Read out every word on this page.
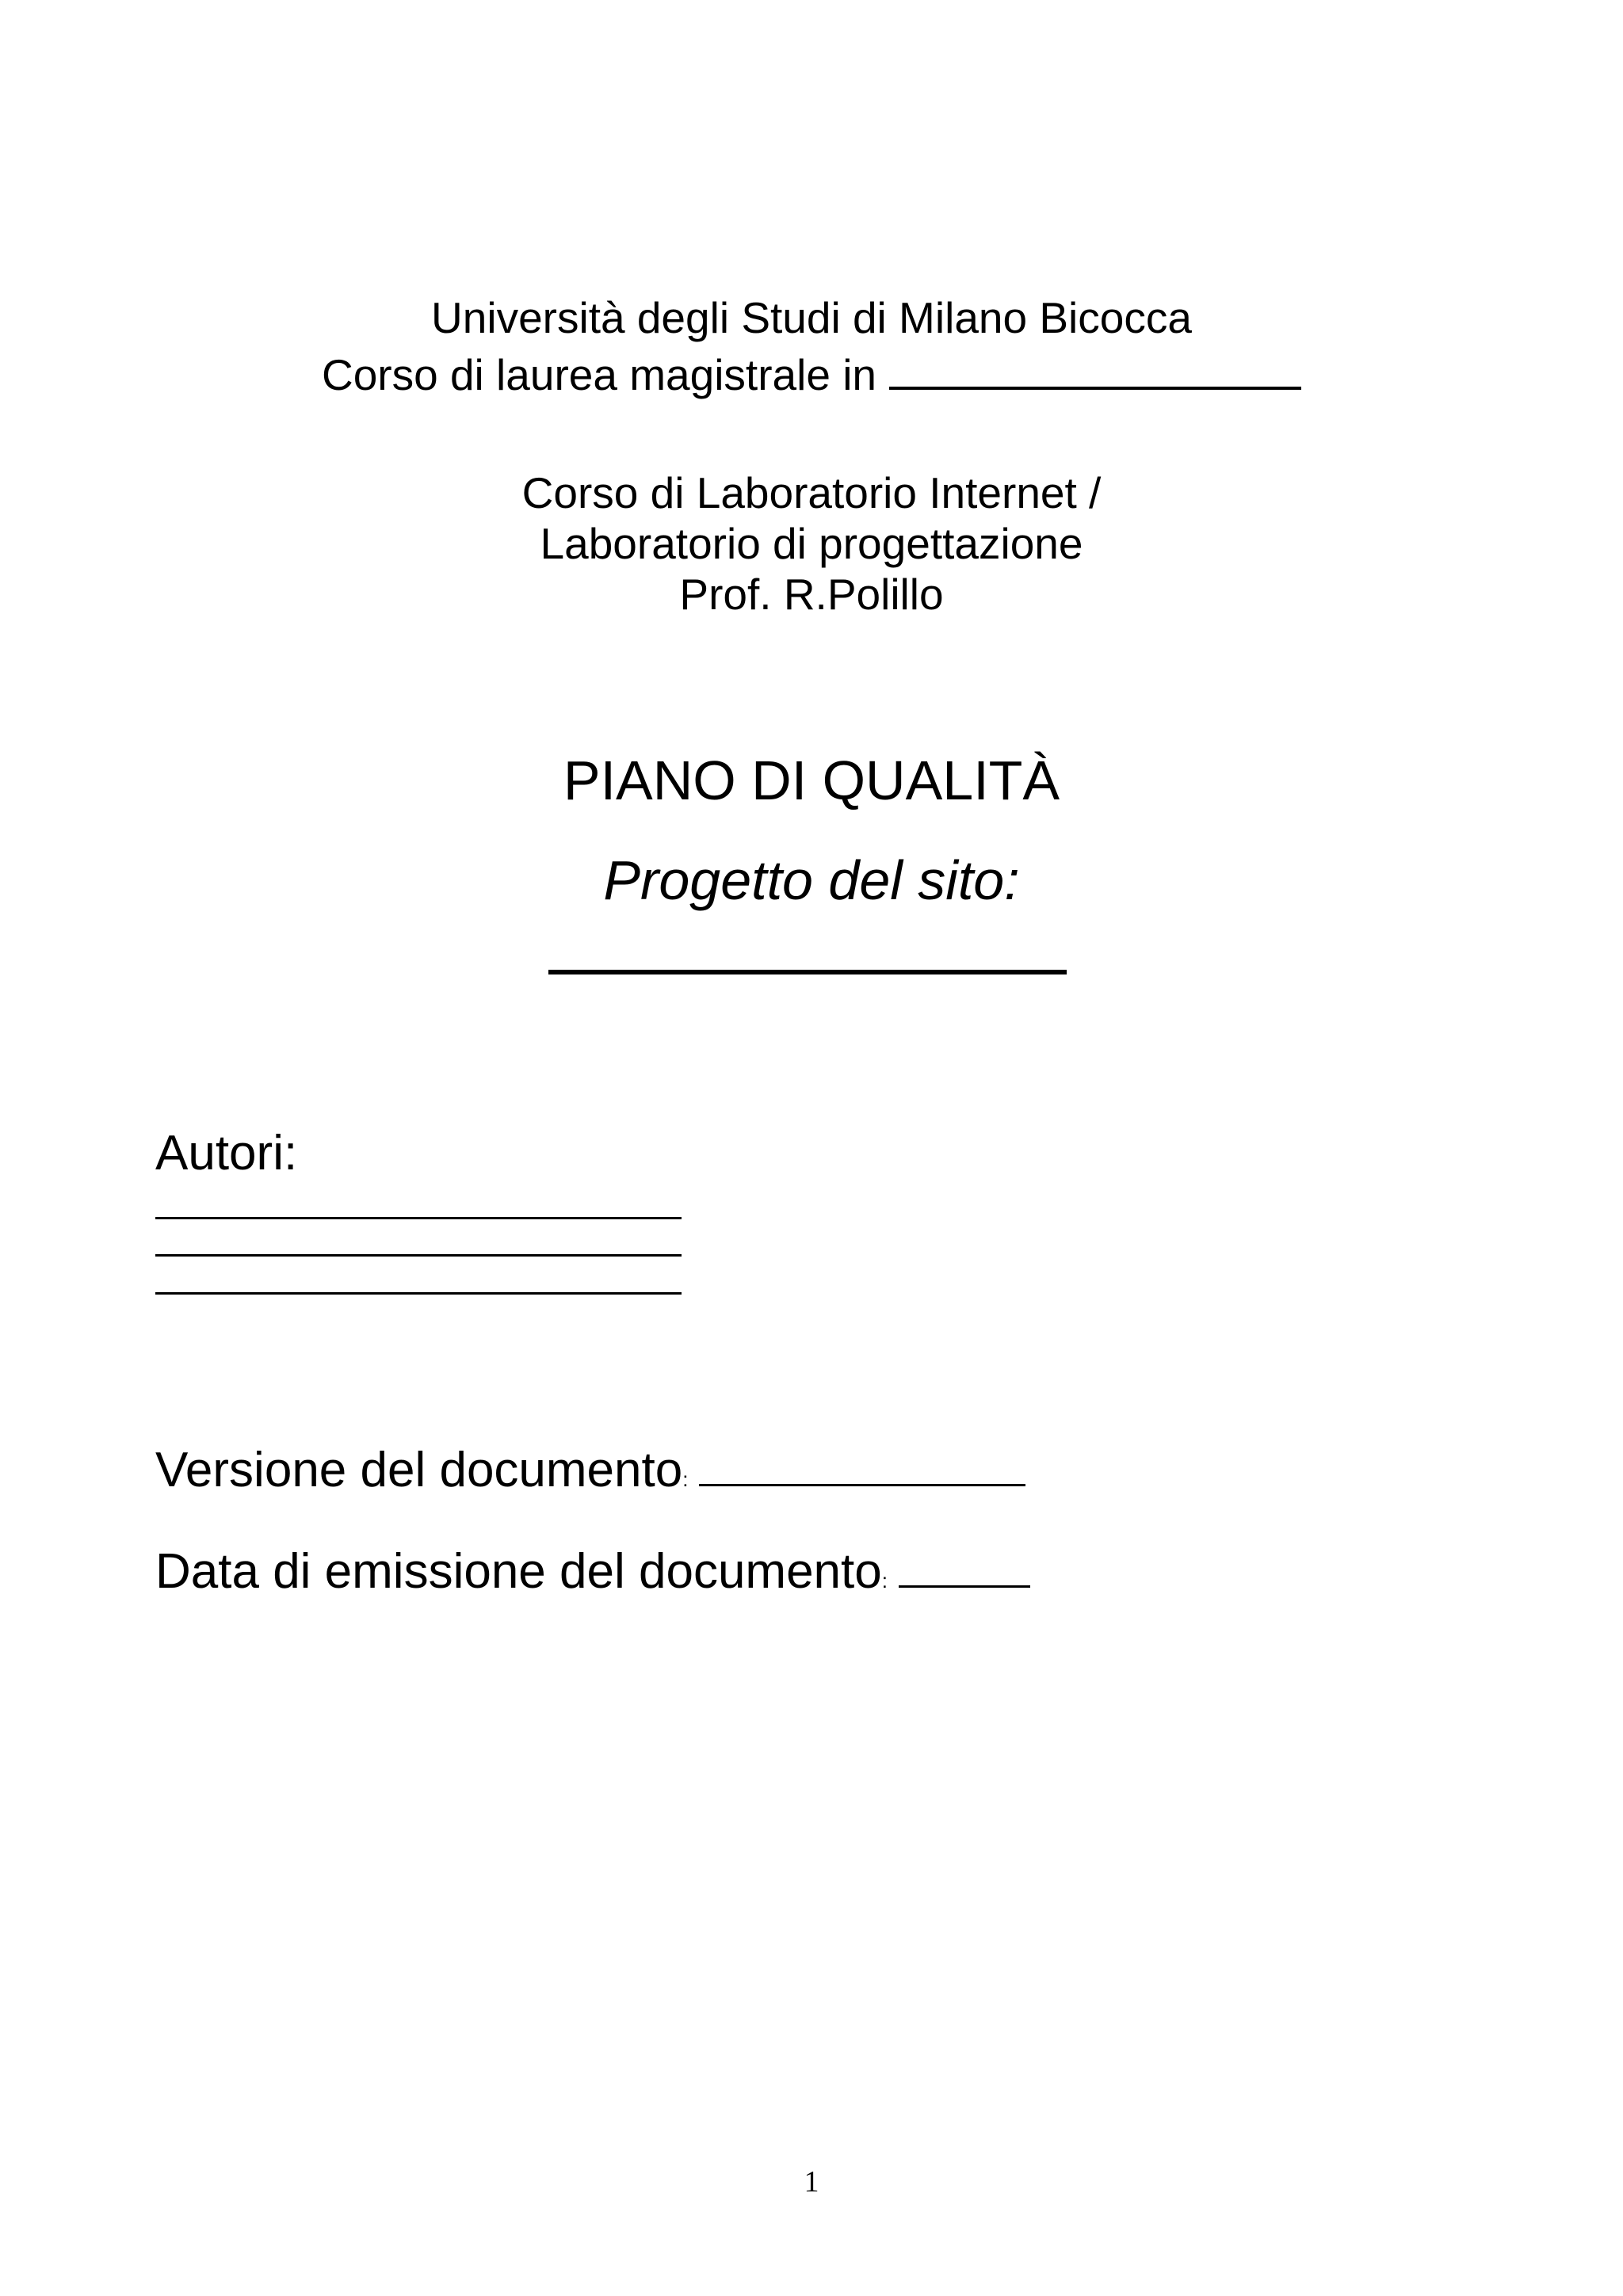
Università degli Studi di Milano Bicocca
Corso di laurea magistrale in
Corso di Laboratorio Internet /
Laboratorio di progettazione
Prof. R.Polillo
PIANO DI QUALITÀ
Progetto del sito:
Autori:
Versione del documento:
Data di emissione del documento:
1
